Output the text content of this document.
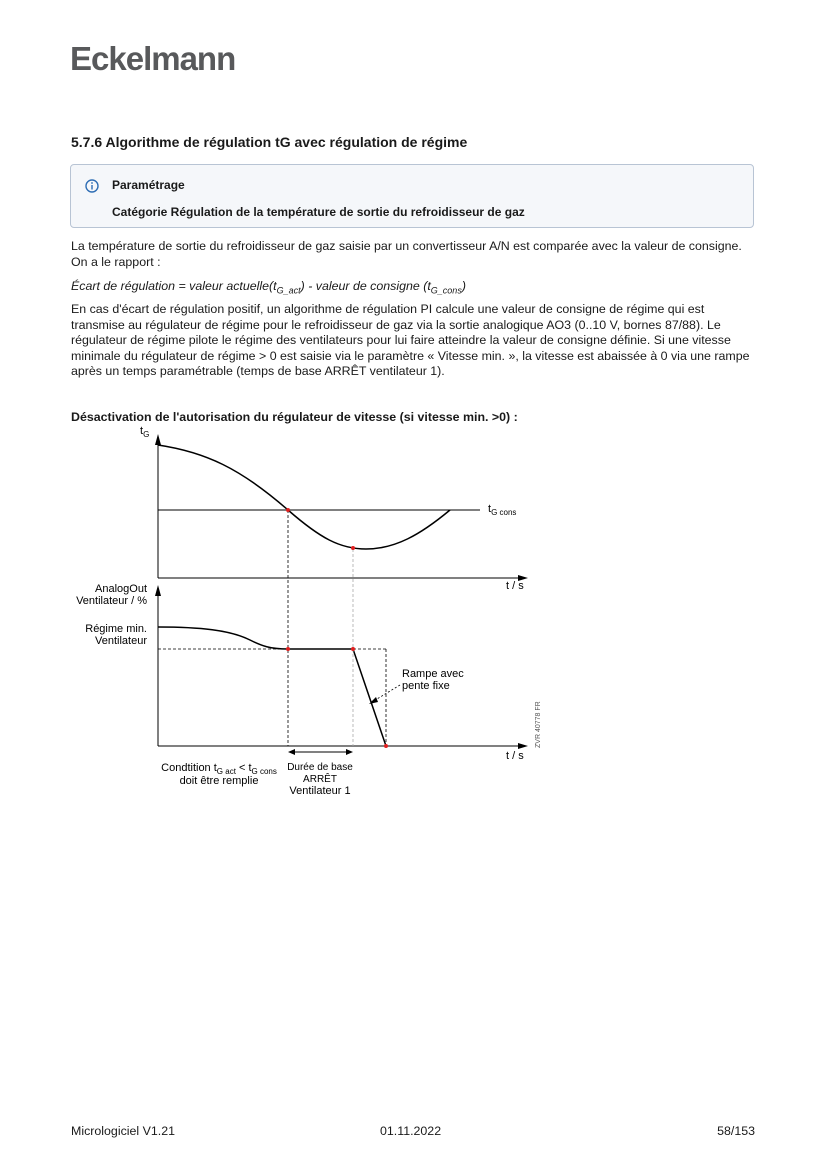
Eckelmann
5.7.6 Algorithme de régulation tG avec régulation de régime
Paramétrage
Catégorie Régulation de la température de sortie du refroidisseur de gaz

La température de sortie du refroidisseur de gaz saisie par un convertisseur A/N est comparée avec la valeur de consigne. On a le rapport :

Écart de régulation = valeur $actuelle(t_{G\_act})$ - valeur de consigne $(t_{G\_cons})$

En cas d'écart de régulation positif, un algorithme de régulation PI calcule une valeur de consigne de régime qui est transmise au régulateur de régime pour le refroidisseur de gaz via la sortie analogique AO3 (0..10 V, bornes 87/88). Le régulateur de régime pilote le régime des ventilateurs pour lui faire atteindre la valeur de consigne définie. Si une vitesse minimale du régulateur de régime > 0 est saisie via le paramètre « Vitesse min. », la vitesse est abaissée à 0 via une rampe après un temps paramétrable (temps de base ARRÊT ventilateur 1).

Désactivation de l'autorisation du régulateur de vitesse (si vitesse min. >0) :

$t_G$
$t_{G cons}$
t / s
AnalogOut
Ventilateur / %
Régime min.
Ventilateur
t / s
Rampe avec
pente fixe
ZVR 40778 FR
Condtition $t_{G act} < t_{G cons}$
doit être remplie
Durée de base
ARRÊT
Ventilateur 1
Micrologiciel V1.21	01.11.2022	58/153
